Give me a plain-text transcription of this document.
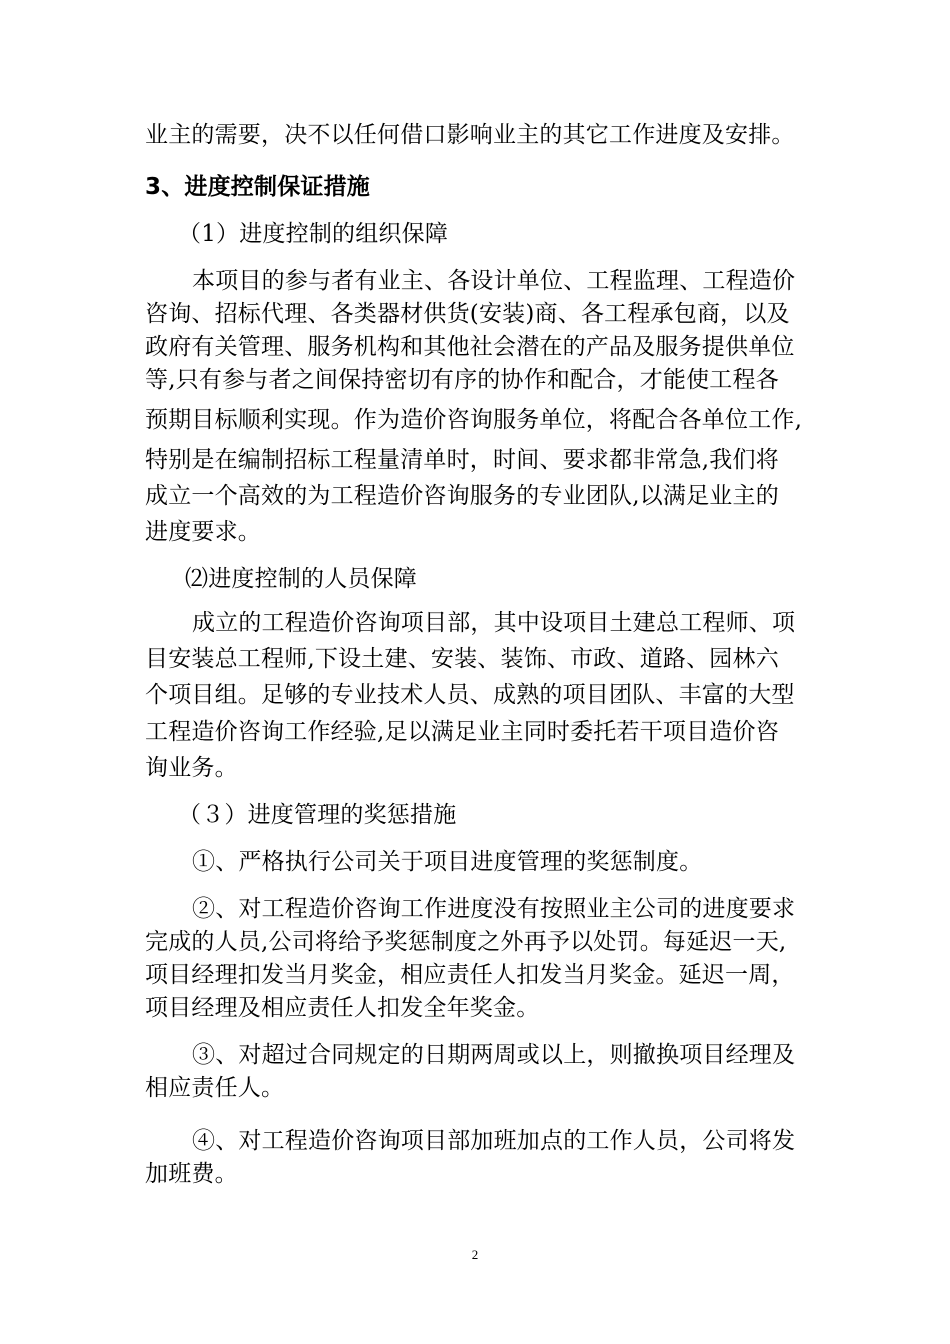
业主的需要，决不以任何借口影响业主的其它工作进度及安排。
3、进度控制保证措施
（1）进度控制的组织保障
本项目的参与者有业主、各设计单位、工程监理、工程造价
咨询、招标代理、各类器材供货(安装)商、各工程承包商，以及
政府有关管理、服务机构和其他社会潜在的产品及服务提供单位
等,只有参与者之间保持密切有序的协作和配合，才能使工程各
预期目标顺利实现。作为造价咨询服务单位，将配合各单位工作,
特别是在编制招标工程量清单时，时间、要求都非常急,我们将
成立一个高效的为工程造价咨询服务的专业团队,以满足业主的
进度要求。
⑵进度控制的人员保障
成立的工程造价咨询项目部，其中设项目土建总工程师、项
目安装总工程师,下设土建、安装、装饰、市政、道路、园林六
个项目组。足够的专业技术人员、成熟的项目团队、丰富的大型
工程造价咨询工作经验,足以满足业主同时委托若干项目造价咨
询业务。
（３）进度管理的奖惩措施
①、严格执行公司关于项目进度管理的奖惩制度。
②、对工程造价咨询工作进度没有按照业主公司的进度要求
完成的人员,公司将给予奖惩制度之外再予以处罚。每延迟一天,
项目经理扣发当月奖金，相应责任人扣发当月奖金。延迟一周，
项目经理及相应责任人扣发全年奖金。
③、对超过合同规定的日期两周或以上，则撤换项目经理及
相应责任人。
④、对工程造价咨询项目部加班加点的工作人员，公司将发
加班费。
2
